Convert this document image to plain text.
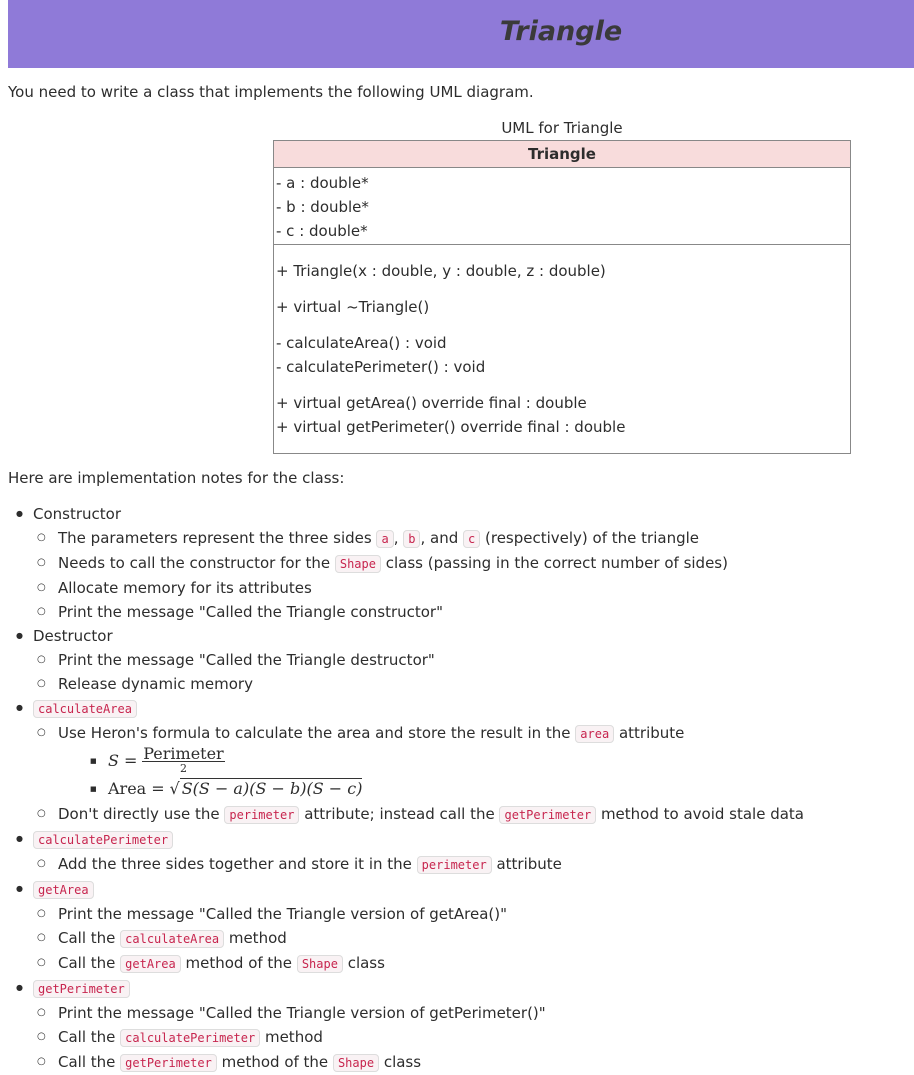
Triangle

You need to write a class that implements the following UML diagram.

UML for Triangle

Triangle
- a : double*
- b : double*
- c : double*
+ Triangle(x : double, y : double, z : double)
+ virtual ~Triangle()
- calculateArea() : void
- calculatePerimeter() : void
+ virtual getArea() override final : double
+ virtual getPerimeter() override final : double

Here are implementation notes for the class:

● Constructor
○ The parameters represent the three sides a , b , and c (respectively) of the triangle
○ Needs to call the constructor for the Shape class (passing in the correct number of sides)
○ Allocate memory for its attributes
○ Print the message "Called the Triangle constructor"
● Destructor
○ Print the message "Called the Triangle destructor"
○ Release dynamic memory
● calculateArea
○ Use Heron's formula to calculate the area and store the result in the area attribute
■ $S = \frac{\text{Perimeter}}{2}$
■ Area = √ S(S − a)(S − b)(S − c)
○ Don't directly use the perimeter attribute; instead call the getPerimeter method to avoid stale data
● calculatePerimeter
○ Add the three sides together and store it in the perimeter attribute
● getArea
○ Print the message "Called the Triangle version of getArea()"
○ Call the calculateArea method
○ Call the getArea method of the Shape class
● getPerimeter
○ Print the message "Called the Triangle version of getPerimeter()"
○ Call the calculatePerimeter method
○ Call the getPerimeter method of the Shape class
